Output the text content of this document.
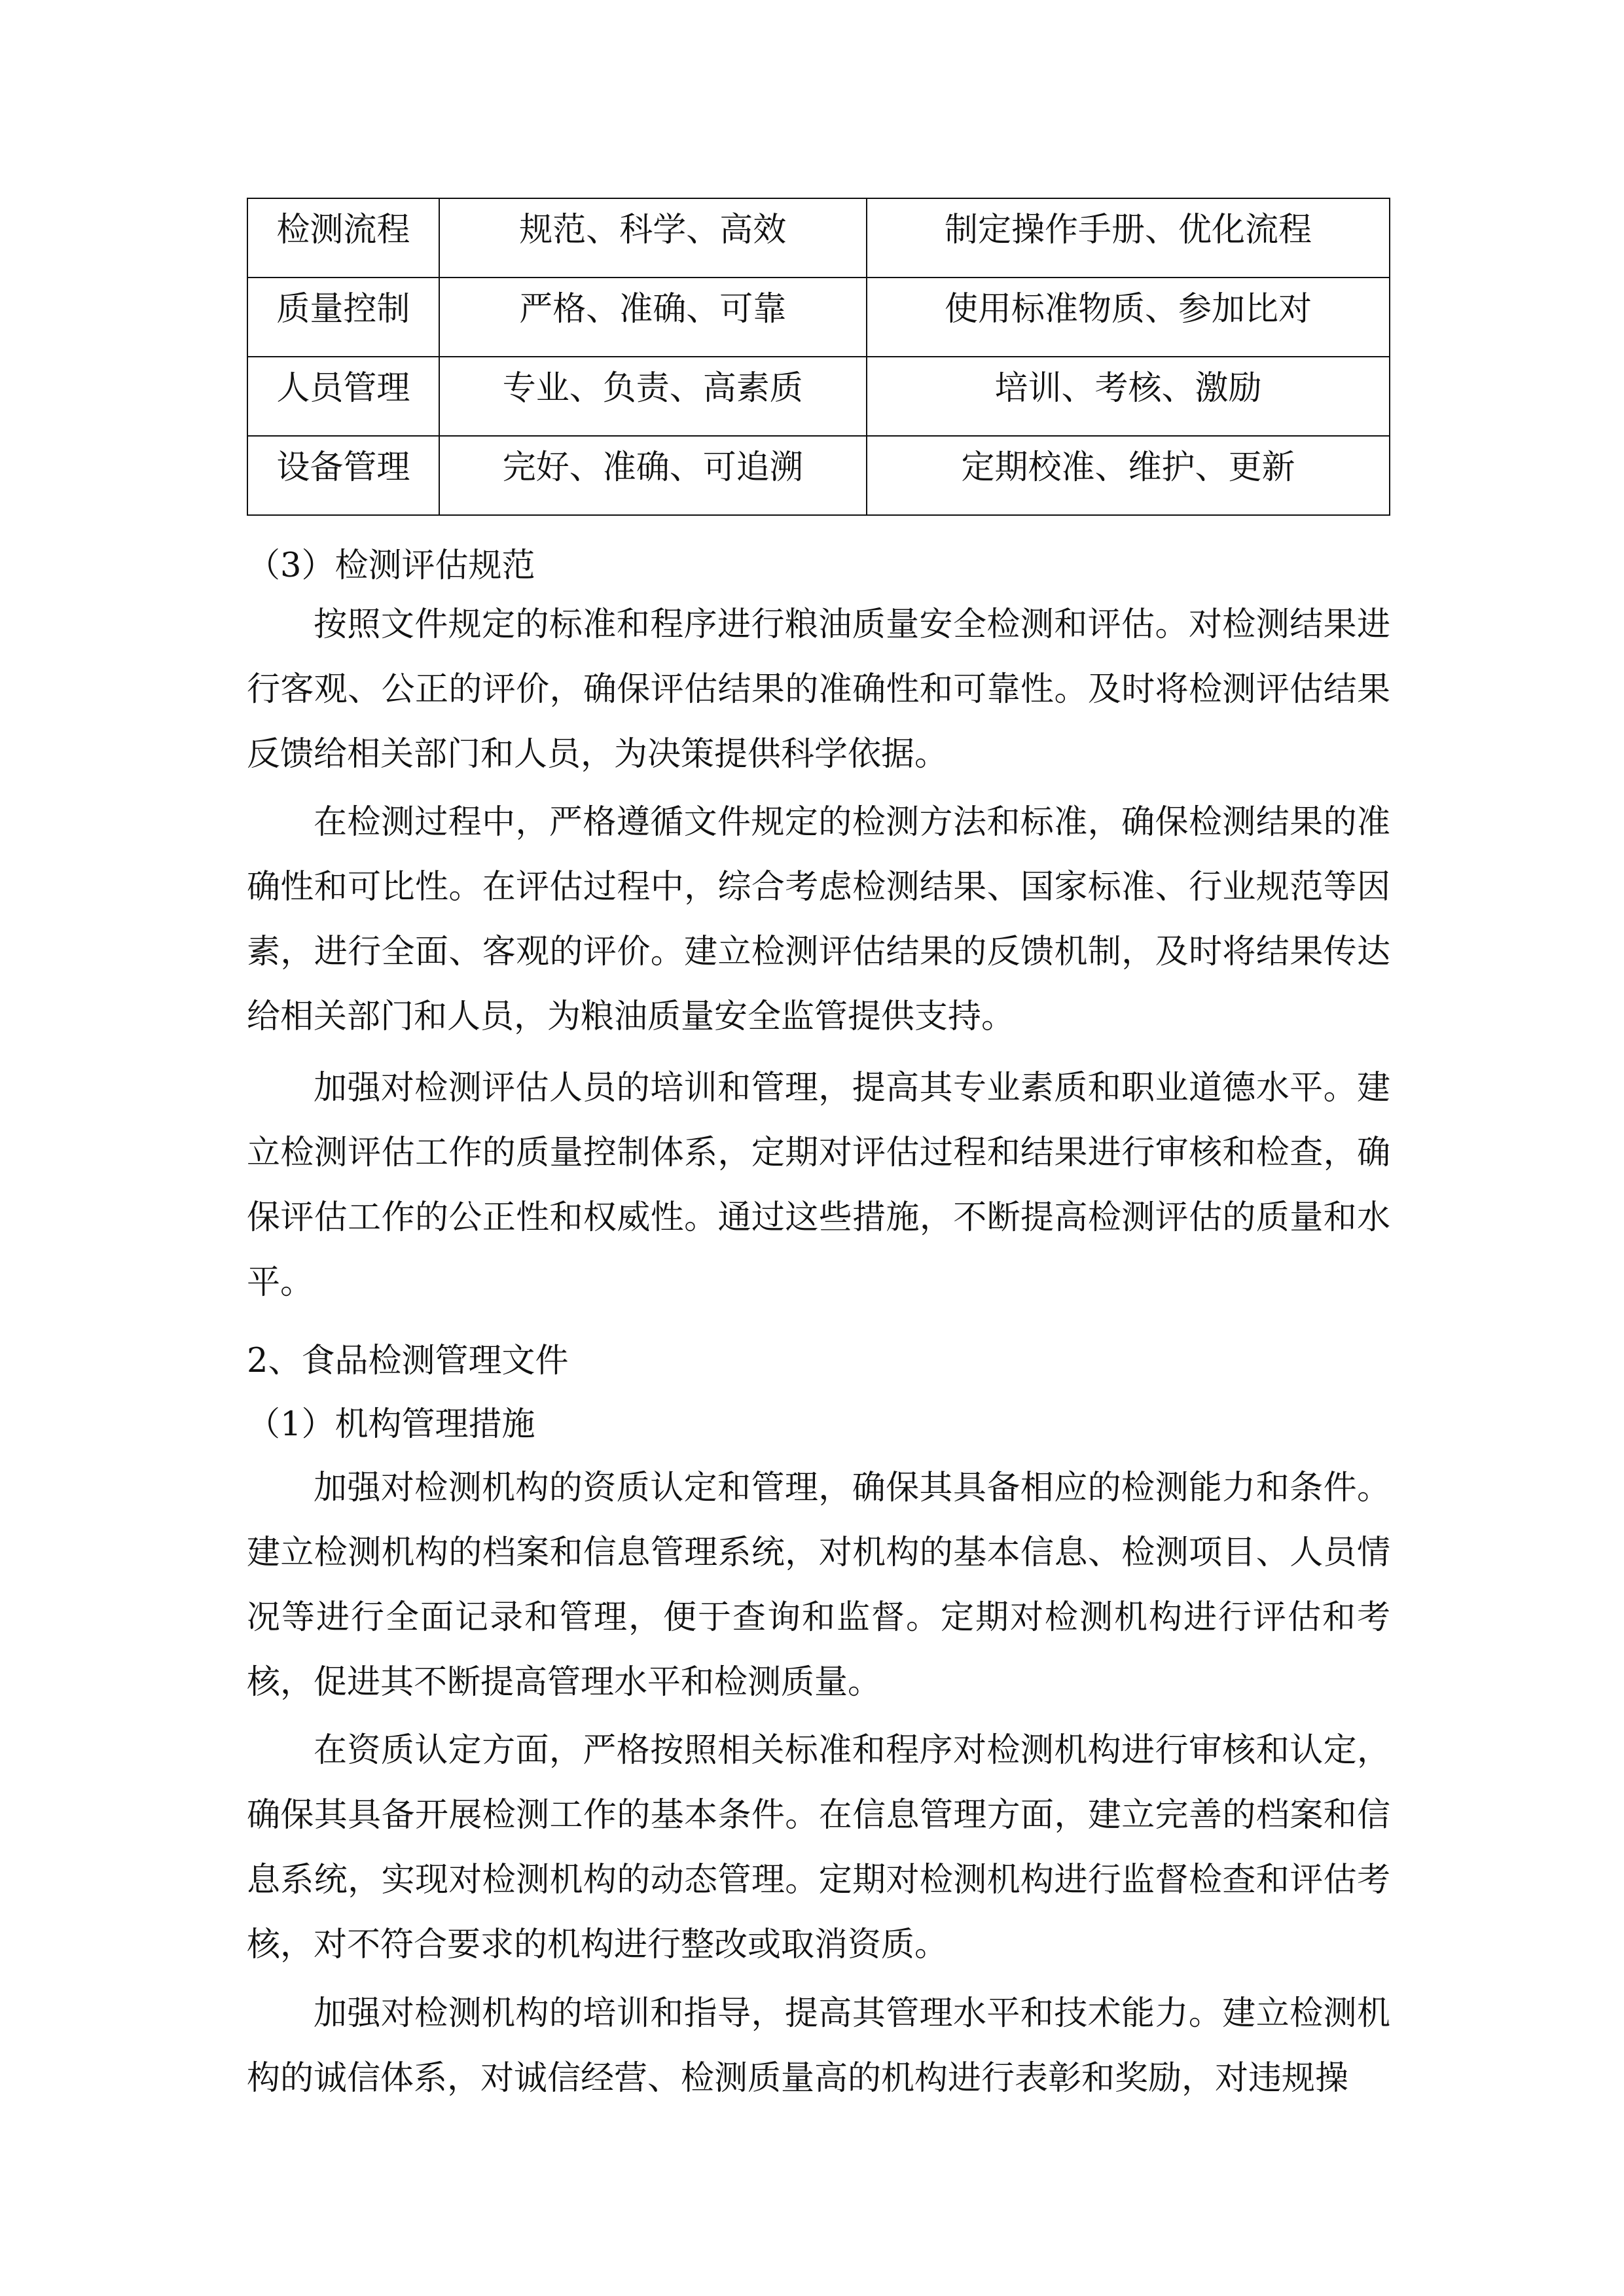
检测流程	规范、科学、高效	制定操作手册、优化流程
质量控制	严格、准确、可靠	使用标准物质、参加比对
人员管理	专业、负责、高素质	培训、考核、激励
设备管理	完好、准确、可追溯	定期校准、维护、更新
（3）检测评估规范

按照文件规定的标准和程序进行粮油质量安全检测和评估。对检测结果进行客观、公正的评价，确保评估结果的准确性和可靠性。及时将检测评估结果反馈给相关部门和人员，为决策提供科学依据。

在检测过程中，严格遵循文件规定的检测方法和标准，确保检测结果的准确性和可比性。在评估过程中，综合考虑检测结果、国家标准、行业规范等因素，进行全面、客观的评价。建立检测评估结果的反馈机制，及时将结果传达给相关部门和人员，为粮油质量安全监管提供支持。

加强对检测评估人员的培训和管理，提高其专业素质和职业道德水平。建立检测评估工作的质量控制体系，定期对评估过程和结果进行审核和检查，确保评估工作的公正性和权威性。通过这些措施，不断提高检测评估的质量和水平。

2、食品检测管理文件
（1）机构管理措施

加强对检测机构的资质认定和管理，确保其具备相应的检测能力和条件。建立检测机构的档案和信息管理系统，对机构的基本信息、检测项目、人员情况等进行全面记录和管理，便于查询和监督。定期对检测机构进行评估和考核，促进其不断提高管理水平和检测质量。

在资质认定方面，严格按照相关标准和程序对检测机构进行审核和认定，确保其具备开展检测工作的基本条件。在信息管理方面，建立完善的档案和信息系统，实现对检测机构的动态管理。定期对检测机构进行监督检查和评估考核，对不符合要求的机构进行整改或取消资质。

加强对检测机构的培训和指导，提高其管理水平和技术能力。建立检测机构的诚信体系，对诚信经营、检测质量高的机构进行表彰和奖励，对违规操
